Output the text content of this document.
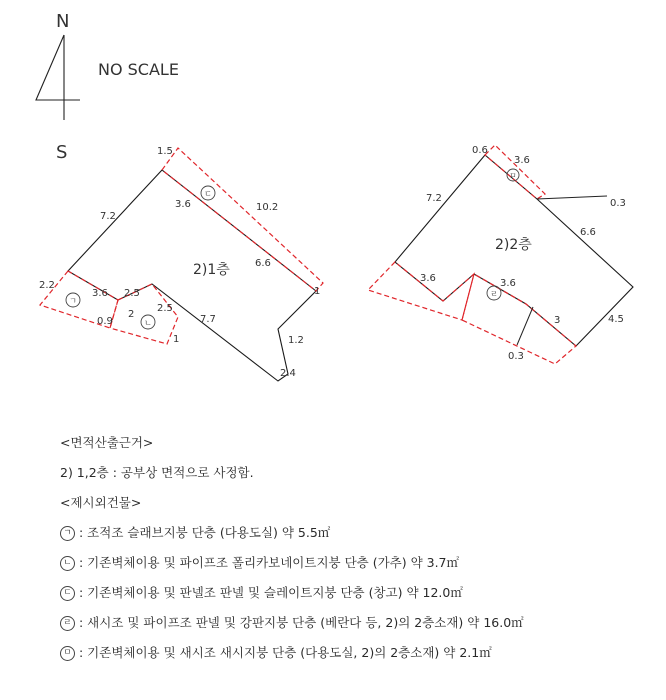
N
S
NO SCALE
1.5
7.2
3.6	10.2
6.6
2.2
3.6
0.9
2
2.5
2.5
7.7
1
1
1.2
2.4
2)1층
ㄷ
ㄱ
ㄴ
0.6
3.6
0.3
7.2
6.6
3.6	3.6
3	4.5
0.3
2)2층
ㅁ
ㄹ
<면적산출근거>
2) 1,2층 : 공부상 면적으로 사정함.
<제시외건물>
ㄱ : 조적조 슬래브지붕 단층 (다용도실) 약 5.5㎡
ㄴ : 기존벽체이용 및 파이프조 폴리카보네이트지붕 단층 (가추) 약 3.7㎡
ㄷ : 기존벽체이용 및 판넬조 판넬 및 슬레이트지붕 단층 (창고) 약 12.0㎡
ㄹ : 새시조 및 파이프조 판넬 및 강판지붕 단층 (베란다 등, 2)의 2층소재) 약 16.0㎡
ㅁ : 기존벽체이용 및 새시조 새시지붕 단층 (다용도실, 2)의 2층소재) 약 2.1㎡
